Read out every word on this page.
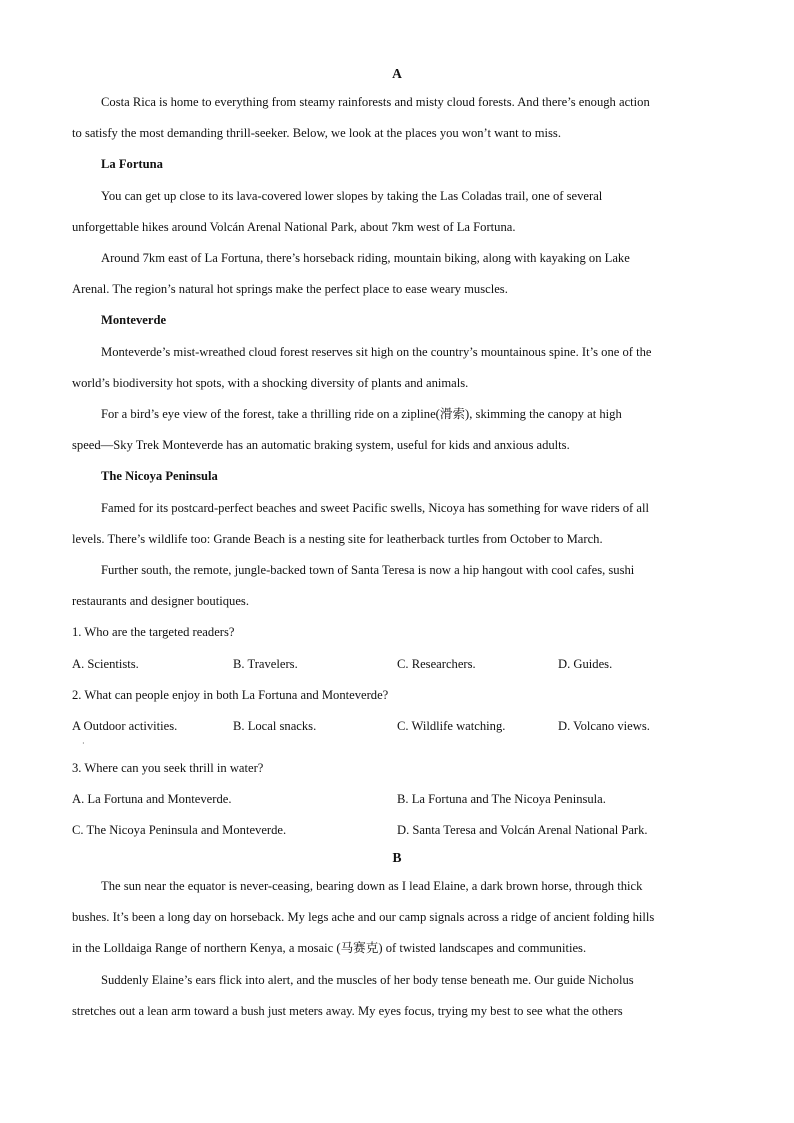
A
Costa Rica is home to everything from steamy rainforests and misty cloud forests. And there’s enough action
to satisfy the most demanding thrill-seeker. Below, we look at the places you won’t want to miss.
La Fortuna
You can get up close to its lava-covered lower slopes by taking the Las Coladas trail, one of several
unforgettable hikes around Volcán Arenal National Park, about 7km west of La Fortuna.
Around 7km east of La Fortuna, there’s horseback riding, mountain biking, along with kayaking on Lake
Arenal. The region’s natural hot springs make the perfect place to ease weary muscles.
Monteverde
Monteverde’s mist-wreathed cloud forest reserves sit high on the country’s mountainous spine. It’s one of the
world’s biodiversity hot spots, with a shocking diversity of plants and animals.
For a bird’s eye view of the forest, take a thrilling ride on a zipline(滑索), skimming the canopy at high
speed—Sky Trek Monteverde has an automatic braking system, useful for kids and anxious adults.
The Nicoya Peninsula
Famed for its postcard-perfect beaches and sweet Pacific swells, Nicoya has something for wave riders of all
levels. There’s wildlife too: Grande Beach is a nesting site for leatherback turtles from October to March.
Further south, the remote, jungle-backed town of Santa Teresa is now a hip hangout with cool cafes, sushi
restaurants and designer boutiques.
1. Who are the targeted readers?
A. Scientists.	B. Travelers.	C. Researchers.	D. Guides.
2. What can people enjoy in both La Fortuna and Monteverde?
A Outdoor activities.
·
B. Local snacks.	C. Wildlife watching.	D. Volcano views.
3. Where can you seek thrill in water?
A. La Fortuna and Monteverde.	B. La Fortuna and The Nicoya Peninsula.
C. The Nicoya Peninsula and Monteverde.	D. Santa Teresa and Volcán Arenal National Park.
B
The sun near the equator is never-ceasing, bearing down as I lead Elaine, a dark brown horse, through thick
bushes. It’s been a long day on horseback. My legs ache and our camp signals across a ridge of ancient folding hills
in the Lolldaiga Range of northern Kenya, a mosaic (马赛克) of twisted landscapes and communities.
Suddenly Elaine’s ears flick into alert, and the muscles of her body tense beneath me. Our guide Nicholus
stretches out a lean arm toward a bush just meters away. My eyes focus, trying my best to see what the others
